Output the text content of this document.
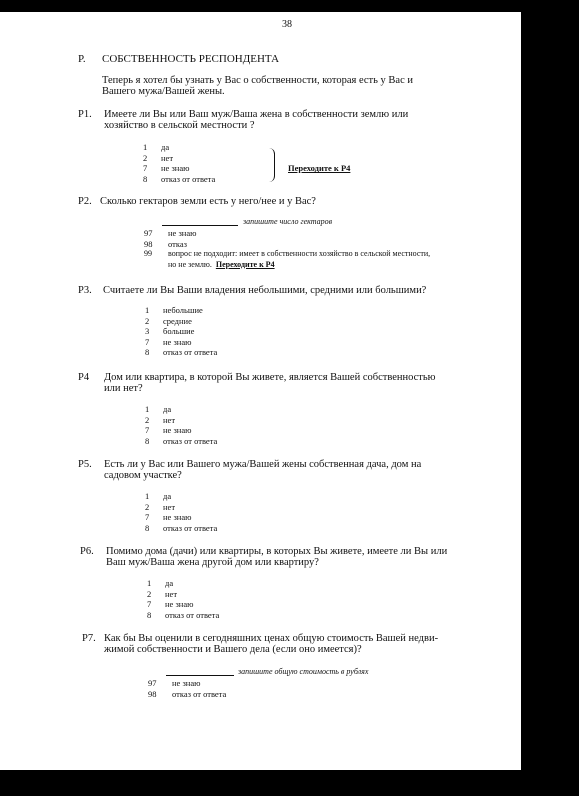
38
P. СОБСТВЕННОСТЬ РЕСПОНДЕНТА
Теперь я хотел бы узнать у Вас о собственности, которая есть у Вас и
Вашего мужа/Вашей жены.
P1. Имеете ли Вы или Ваш муж/Ваша жена в собственности землю или
хозяйство в сельской местности ?
1 да
2 нет
7 не знаю
8 отказ от ответа
Переходите к Р4
P2. Сколько гектаров земли есть у него/нее и у Вас?
запишите число гектаров
97 не знаю
98 отказ
99 вопрос не подходит: имеет в собственности хозяйство в сельской местности,
но не землю. Переходите к Р4
P3. Считаете ли Вы Ваши владения небольшими, средними или большими?
1 небольшие
2 средние
3 большие
7 не знаю
8 отказ от ответа
P4 Дом или квартира, в которой Вы живете, является Вашей собственностью
или нет?
1 да
2 нет
7 не знаю
8 отказ от ответа
P5. Есть ли у Вас или Вашего мужа/Вашей жены собственная дача, дом на
садовом участке?
1 да
2 нет
7 не знаю
8 отказ от ответа
P6. Помимо дома (дачи) или квартиры, в которых Вы живете, имеете ли Вы или
Ваш муж/Ваша жена другой дом или квартиру?
1 да
2 нет
7 не знаю
8 отказ от ответа
P7. Как бы Вы оценили в сегодняшних ценах общую стоимость Вашей недви-
жимой собственности и Вашего дела (если оно имеется)?
запишите общую стоимость в рублях
97 не знаю
98 отказ от ответа
